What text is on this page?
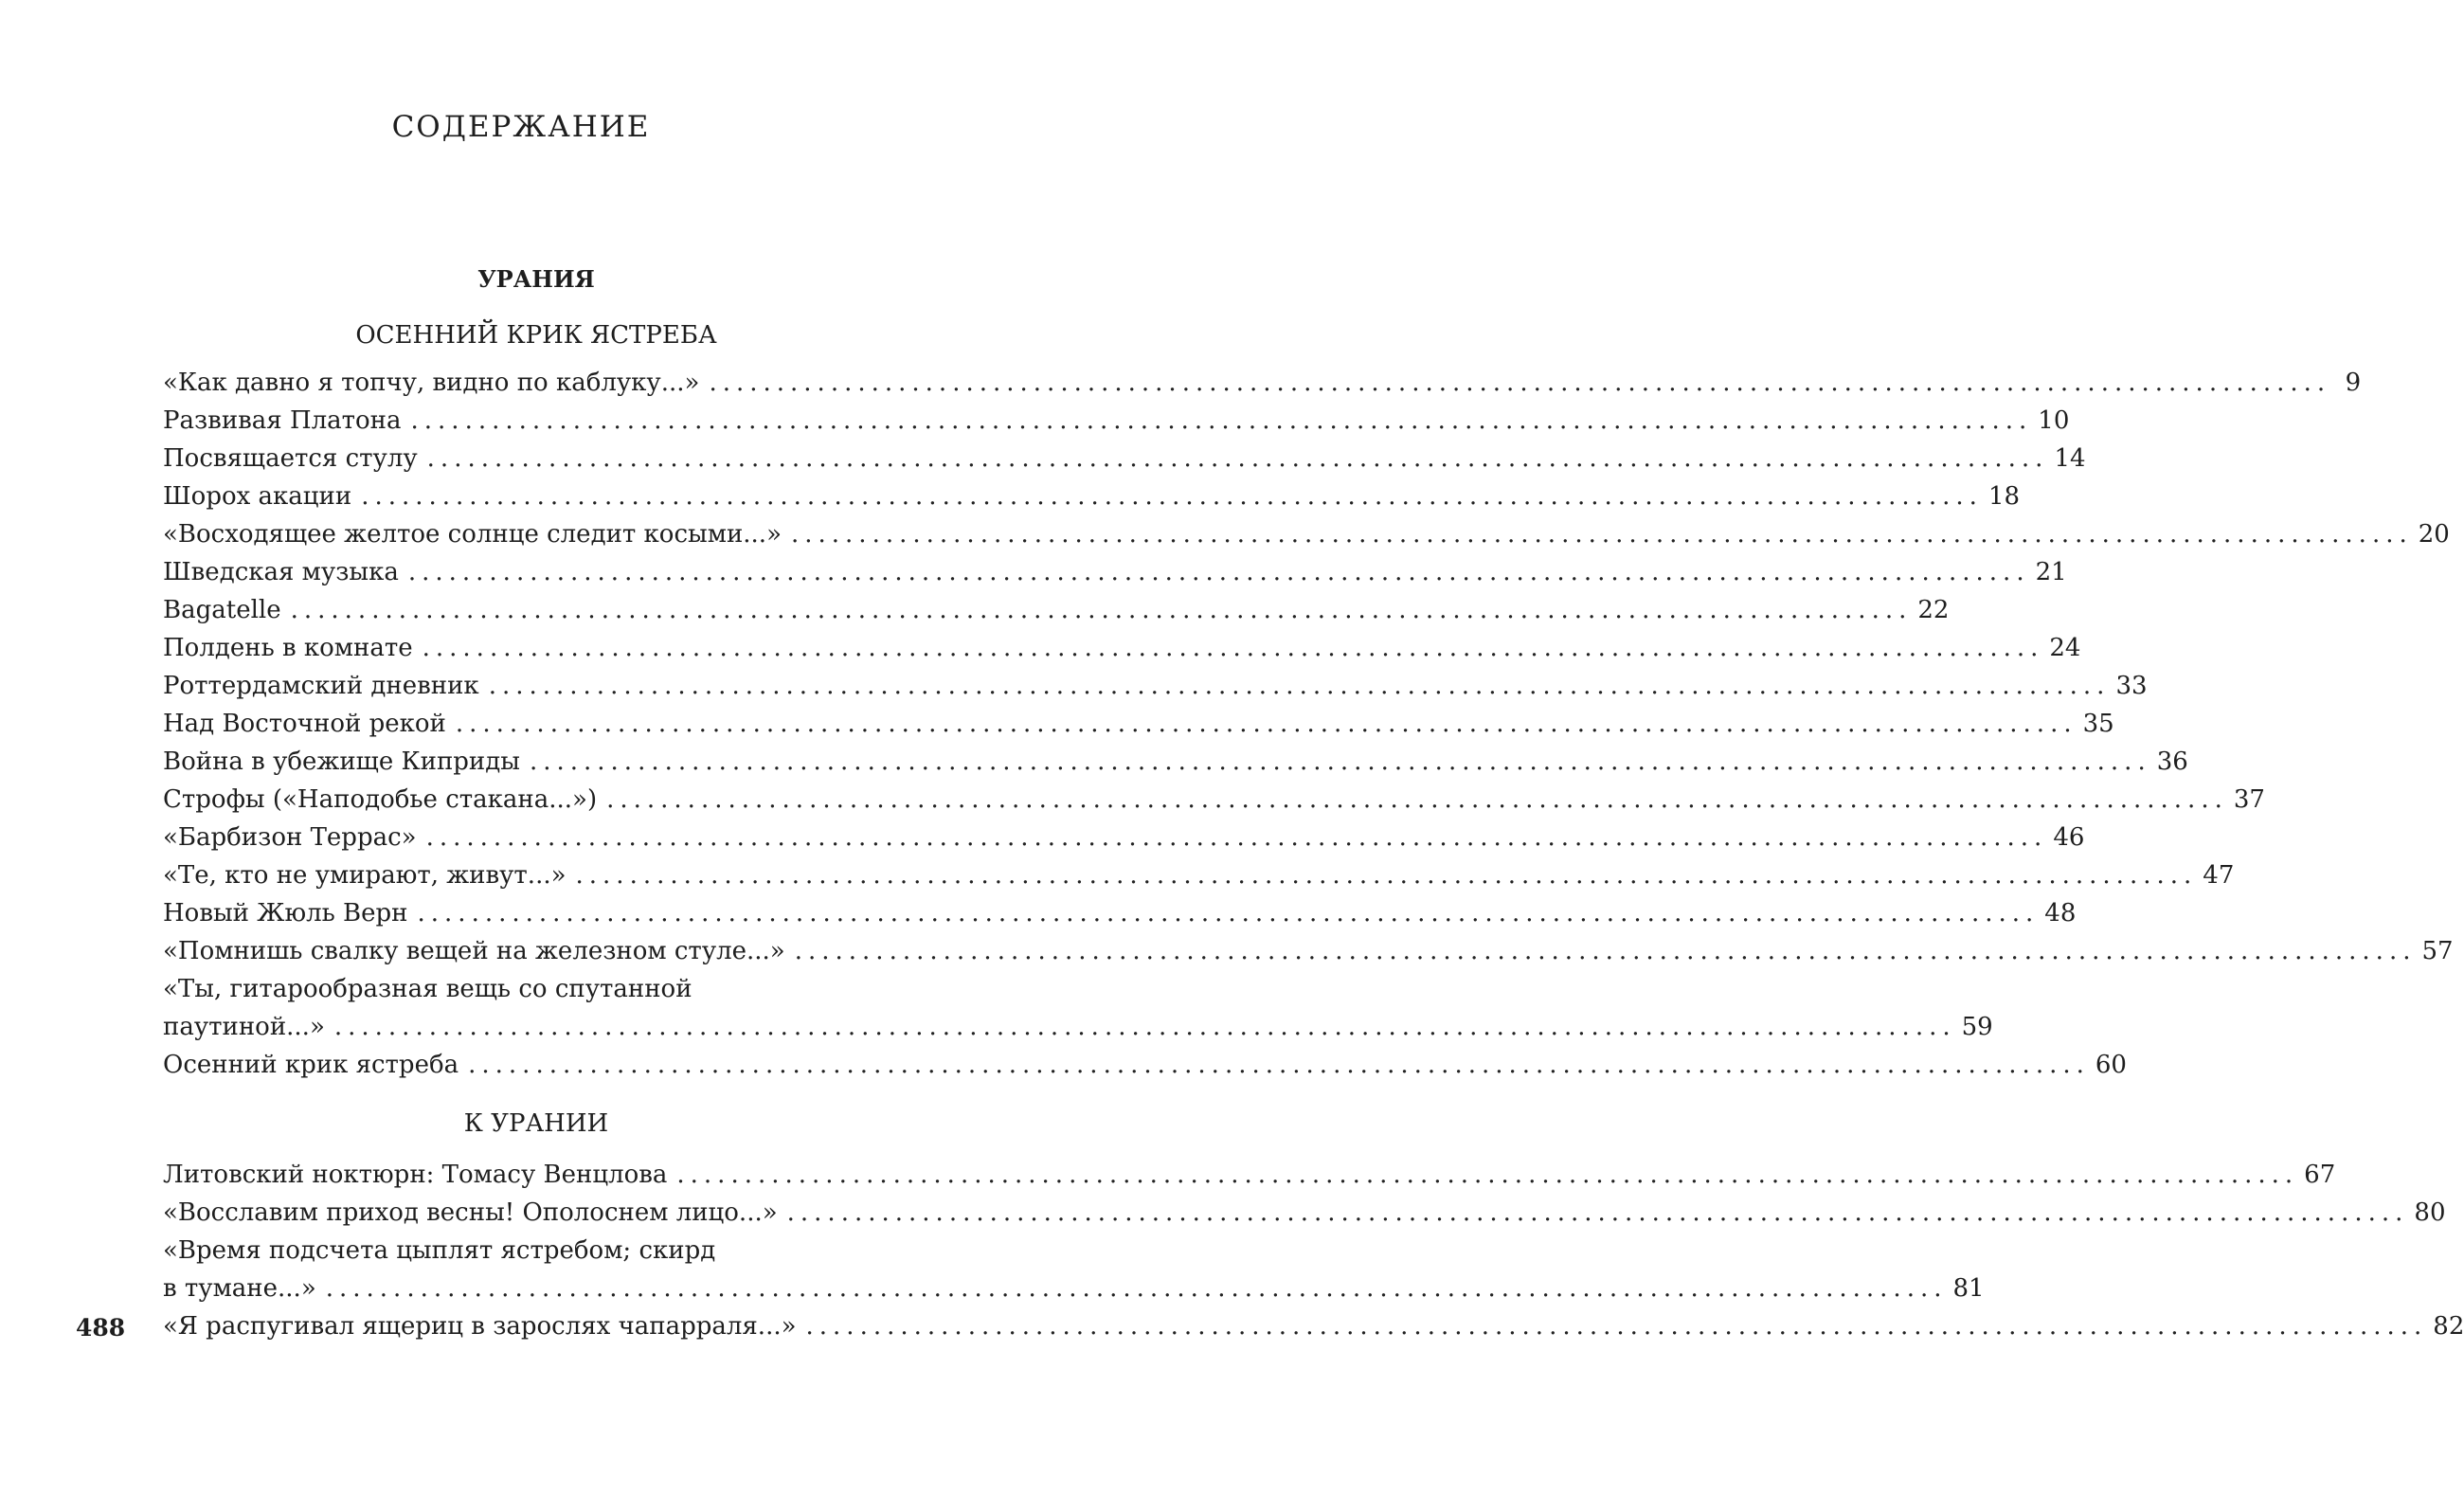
СОДЕРЖАНИЕ
УРАНИЯ
ОСЕННИЙ КРИК ЯСТРЕБА
«Как давно я топчу, видно по каблуку...» ........................................................................................................................ 9
Развивая Платона ........................................................................................................................ 10
Посвящается стулу ........................................................................................................................ 14
Шорох акации ........................................................................................................................ 18
«Восходящее желтое солнце следит косыми...» ........................................................................................................................ 20
Шведская музыка ........................................................................................................................ 21
Bagatelle ........................................................................................................................ 22
Полдень в комнате ........................................................................................................................ 24
Роттердамский дневник ........................................................................................................................ 33
Над Восточной рекой ........................................................................................................................ 35
Война в убежище Киприды ........................................................................................................................ 36
Строфы («Наподобье стакана...») ........................................................................................................................ 37
«Барбизон Террас» ........................................................................................................................ 46
«Те, кто не умирают, живут...» ........................................................................................................................ 47
Новый Жюль Верн ........................................................................................................................ 48
«Помнишь свалку вещей на железном стуле...» ........................................................................................................................ 57
«Ты, гитарообразная вещь со спутанной
паутиной...» ........................................................................................................................ 59
Осенний крик ястреба ........................................................................................................................ 60
К УРАНИИ
Литовский ноктюрн: Томасу Венцлова ........................................................................................................................ 67
«Восславим приход весны! Ополоснем лицо...» ........................................................................................................................ 80
«Время подсчета цыплят ястребом; скирд
в тумане...» ........................................................................................................................ 81
«Я распугивал ящериц в зарослях чапарраля...» ........................................................................................................................ 82
488
